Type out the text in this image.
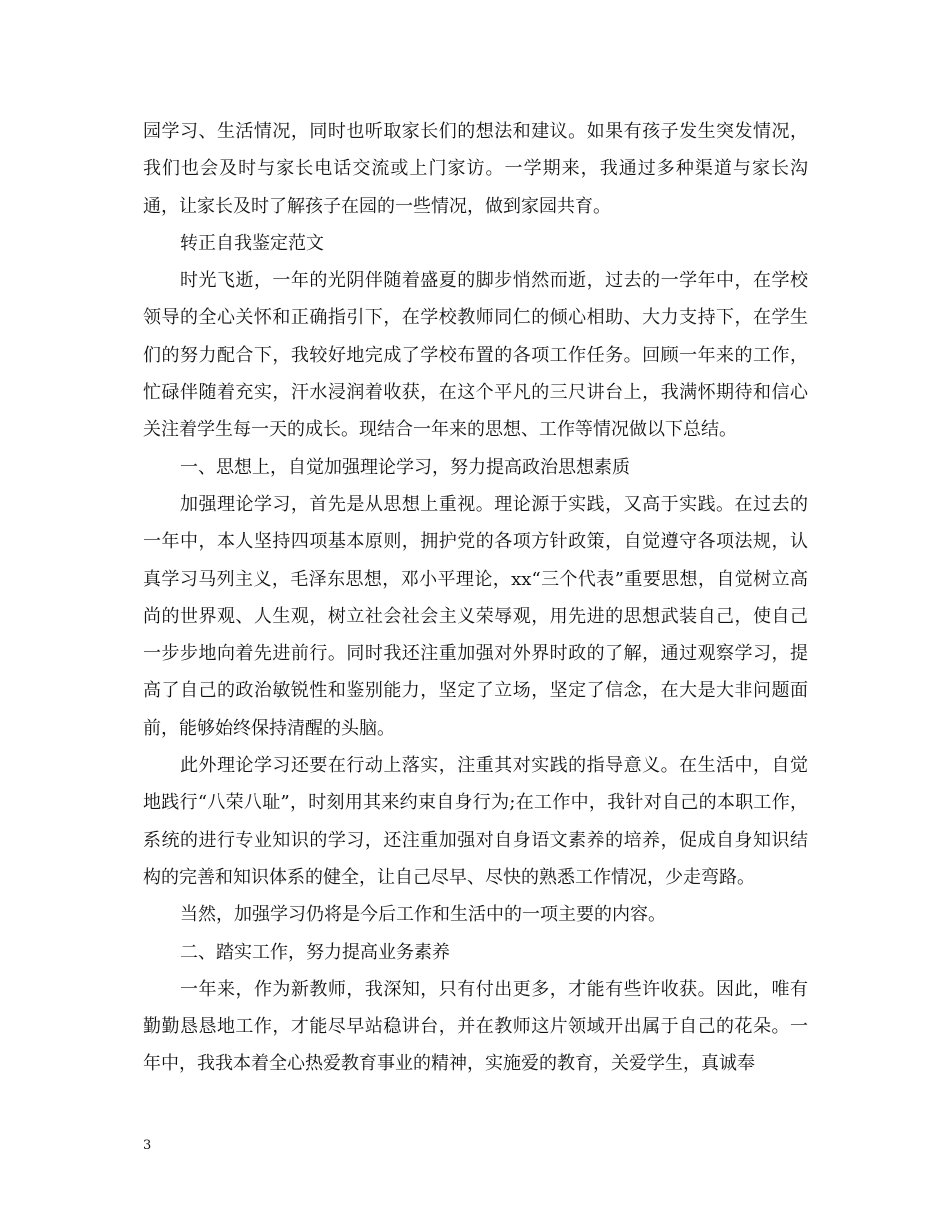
园学习、生活情况，同时也听取家长们的想法和建议。如果有孩子发生突发情况，我们也会及时与家长电话交流或上门家访。一学期来，我通过多种渠道与家长沟通，让家长及时了解孩子在园的一些情况，做到家园共育。

转正自我鉴定范文

时光飞逝，一年的光阴伴随着盛夏的脚步悄然而逝，过去的一学年中，在学校领导的全心关怀和正确指引下，在学校教师同仁的倾心相助、大力支持下，在学生们的努力配合下，我较好地完成了学校布置的各项工作任务。回顾一年来的工作，忙碌伴随着充实，汗水浸润着收获，在这个平凡的三尺讲台上，我满怀期待和信心关注着学生每一天的成长。现结合一年来的思想、工作等情况做以下总结。

一、思想上，自觉加强理论学习，努力提高政治思想素质

加强理论学习，首先是从思想上重视。理论源于实践，又高于实践。在过去的一年中，本人坚持四项基本原则，拥护党的各项方针政策，自觉遵守各项法规，认真学习马列主义，毛泽东思想，邓小平理论，xx“三个代表”重要思想，自觉树立高尚的世界观、人生观，树立社会社会主义荣辱观，用先进的思想武装自己，使自己一步步地向着先进前行。同时我还注重加强对外界时政的了解，通过观察学习，提高了自己的政治敏锐性和鉴别能力，坚定了立场，坚定了信念，在大是大非问题面前，能够始终保持清醒的头脑。

此外理论学习还要在行动上落实，注重其对实践的指导意义。在生活中，自觉地践行“八荣八耻”，时刻用其来约束自身行为;在工作中，我针对自己的本职工作，系统的进行专业知识的学习，还注重加强对自身语文素养的培养，促成自身知识结构的完善和知识体系的健全，让自己尽早、尽快的熟悉工作情况，少走弯路。

当然，加强学习仍将是今后工作和生活中的一项主要的内容。

二、踏实工作，努力提高业务素养

一年来，作为新教师，我深知，只有付出更多，才能有些许收获。因此，唯有勤勤恳恳地工作，才能尽早站稳讲台，并在教师这片领域开出属于自己的花朵。一年中，我我本着全心热爱教育事业的精神，实施爱的教育，关爱学生，真诚奉

3
